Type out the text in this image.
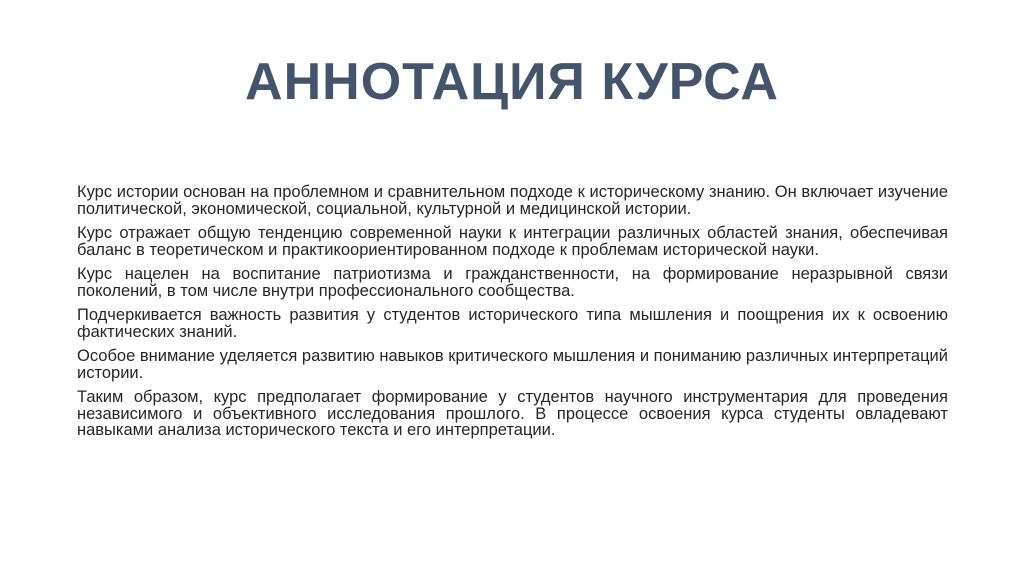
АННОТАЦИЯ КУРСА

Курс истории основан на проблемном и сравнительном подходе к историческому знанию. Он включает изучение политической, экономической, социальной, культурной и медицинской истории.

Курс отражает общую тенденцию современной науки к интеграции различных областей знания, обеспечивая баланс в теоретическом и практикоориентированном подходе к проблемам исторической науки.

Курс нацелен на воспитание патриотизма и гражданственности, на формирование неразрывной связи поколений, в том числе внутри профессионального сообщества.

Подчеркивается важность развития у студентов исторического типа мышления и поощрения их к освоению фактических знаний.

Особое внимание уделяется развитию навыков критического мышления и пониманию различных интерпретаций истории.

Таким образом, курс предполагает формирование у студентов научного инструментария для проведения независимого и объективного исследования прошлого. В процессе освоения курса студенты овладевают навыками анализа исторического текста и его интерпретации.
